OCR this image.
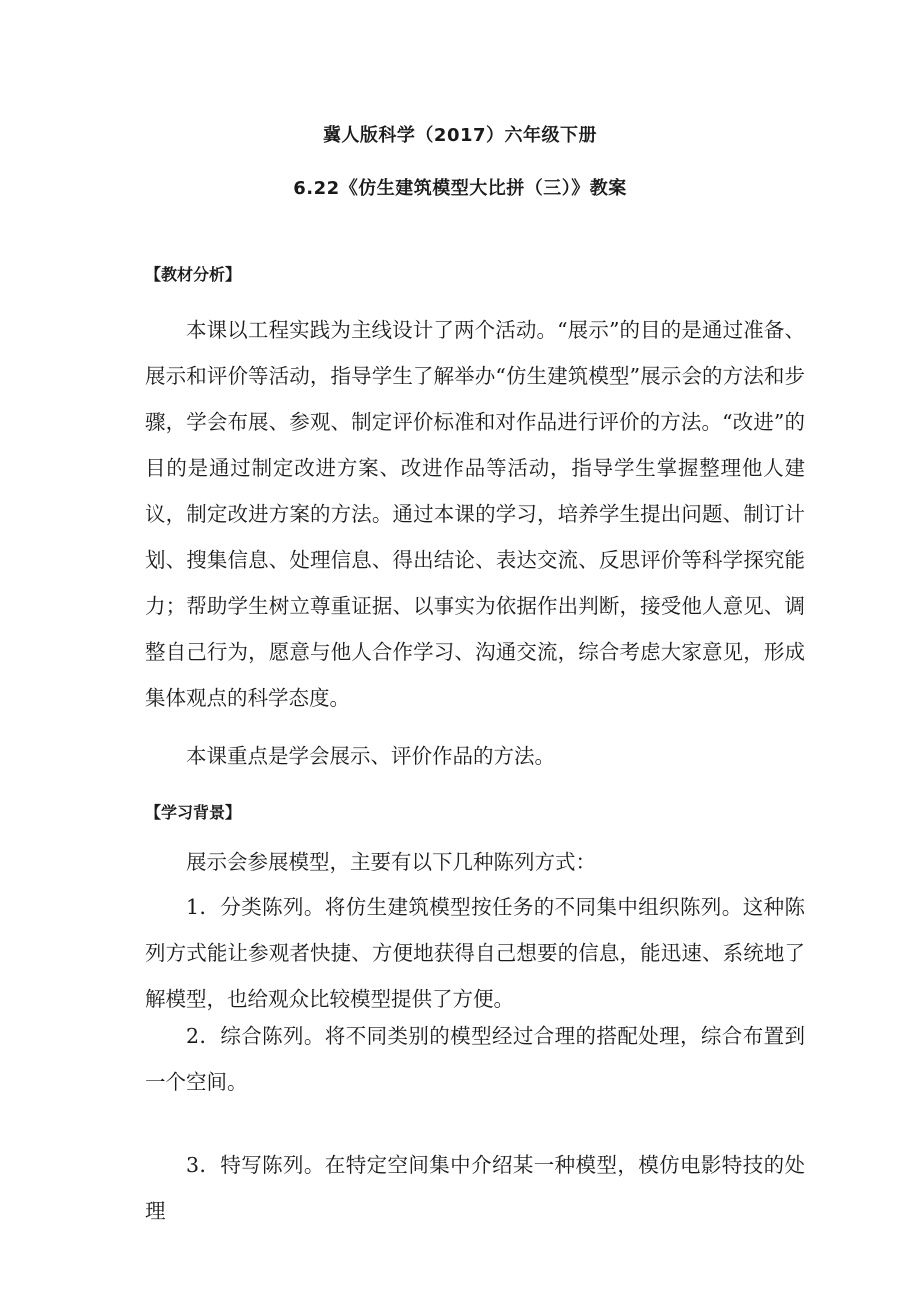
冀人版科学（2017）六年级下册
6.22《仿生建筑模型大比拼（三）》教案
【教材分析】

本课以工程实践为主线设计了两个活动。“展示”的目的是通过准备、展示和评价等活动，指导学生了解举办“仿生建筑模型”展示会的方法和步骤，学会布展、参观、制定评价标准和对作品进行评价的方法。“改进”的目的是通过制定改进方案、改进作品等活动，指导学生掌握整理他人建议，制定改进方案的方法。通过本课的学习，培养学生提出问题、制订计划、搜集信息、处理信息、得出结论、表达交流、反思评价等科学探究能力；帮助学生树立尊重证据、以事实为依据作出判断，接受他人意见、调整自己行为，愿意与他人合作学习、沟通交流，综合考虑大家意见，形成集体观点的科学态度。

本课重点是学会展示、评价作品的方法。

【学习背景】

展示会参展模型，主要有以下几种陈列方式：

1．分类陈列。将仿生建筑模型按任务的不同集中组织陈列。这种陈列方式能让参观者快捷、方便地获得自己想要的信息，能迅速、系统地了解模型，也给观众比较模型提供了方便。

2．综合陈列。将不同类别的模型经过合理的搭配处理，综合布置到一个空间。

3．特写陈列。在特定空间集中介绍某一种模型，模仿电影特技的处理
